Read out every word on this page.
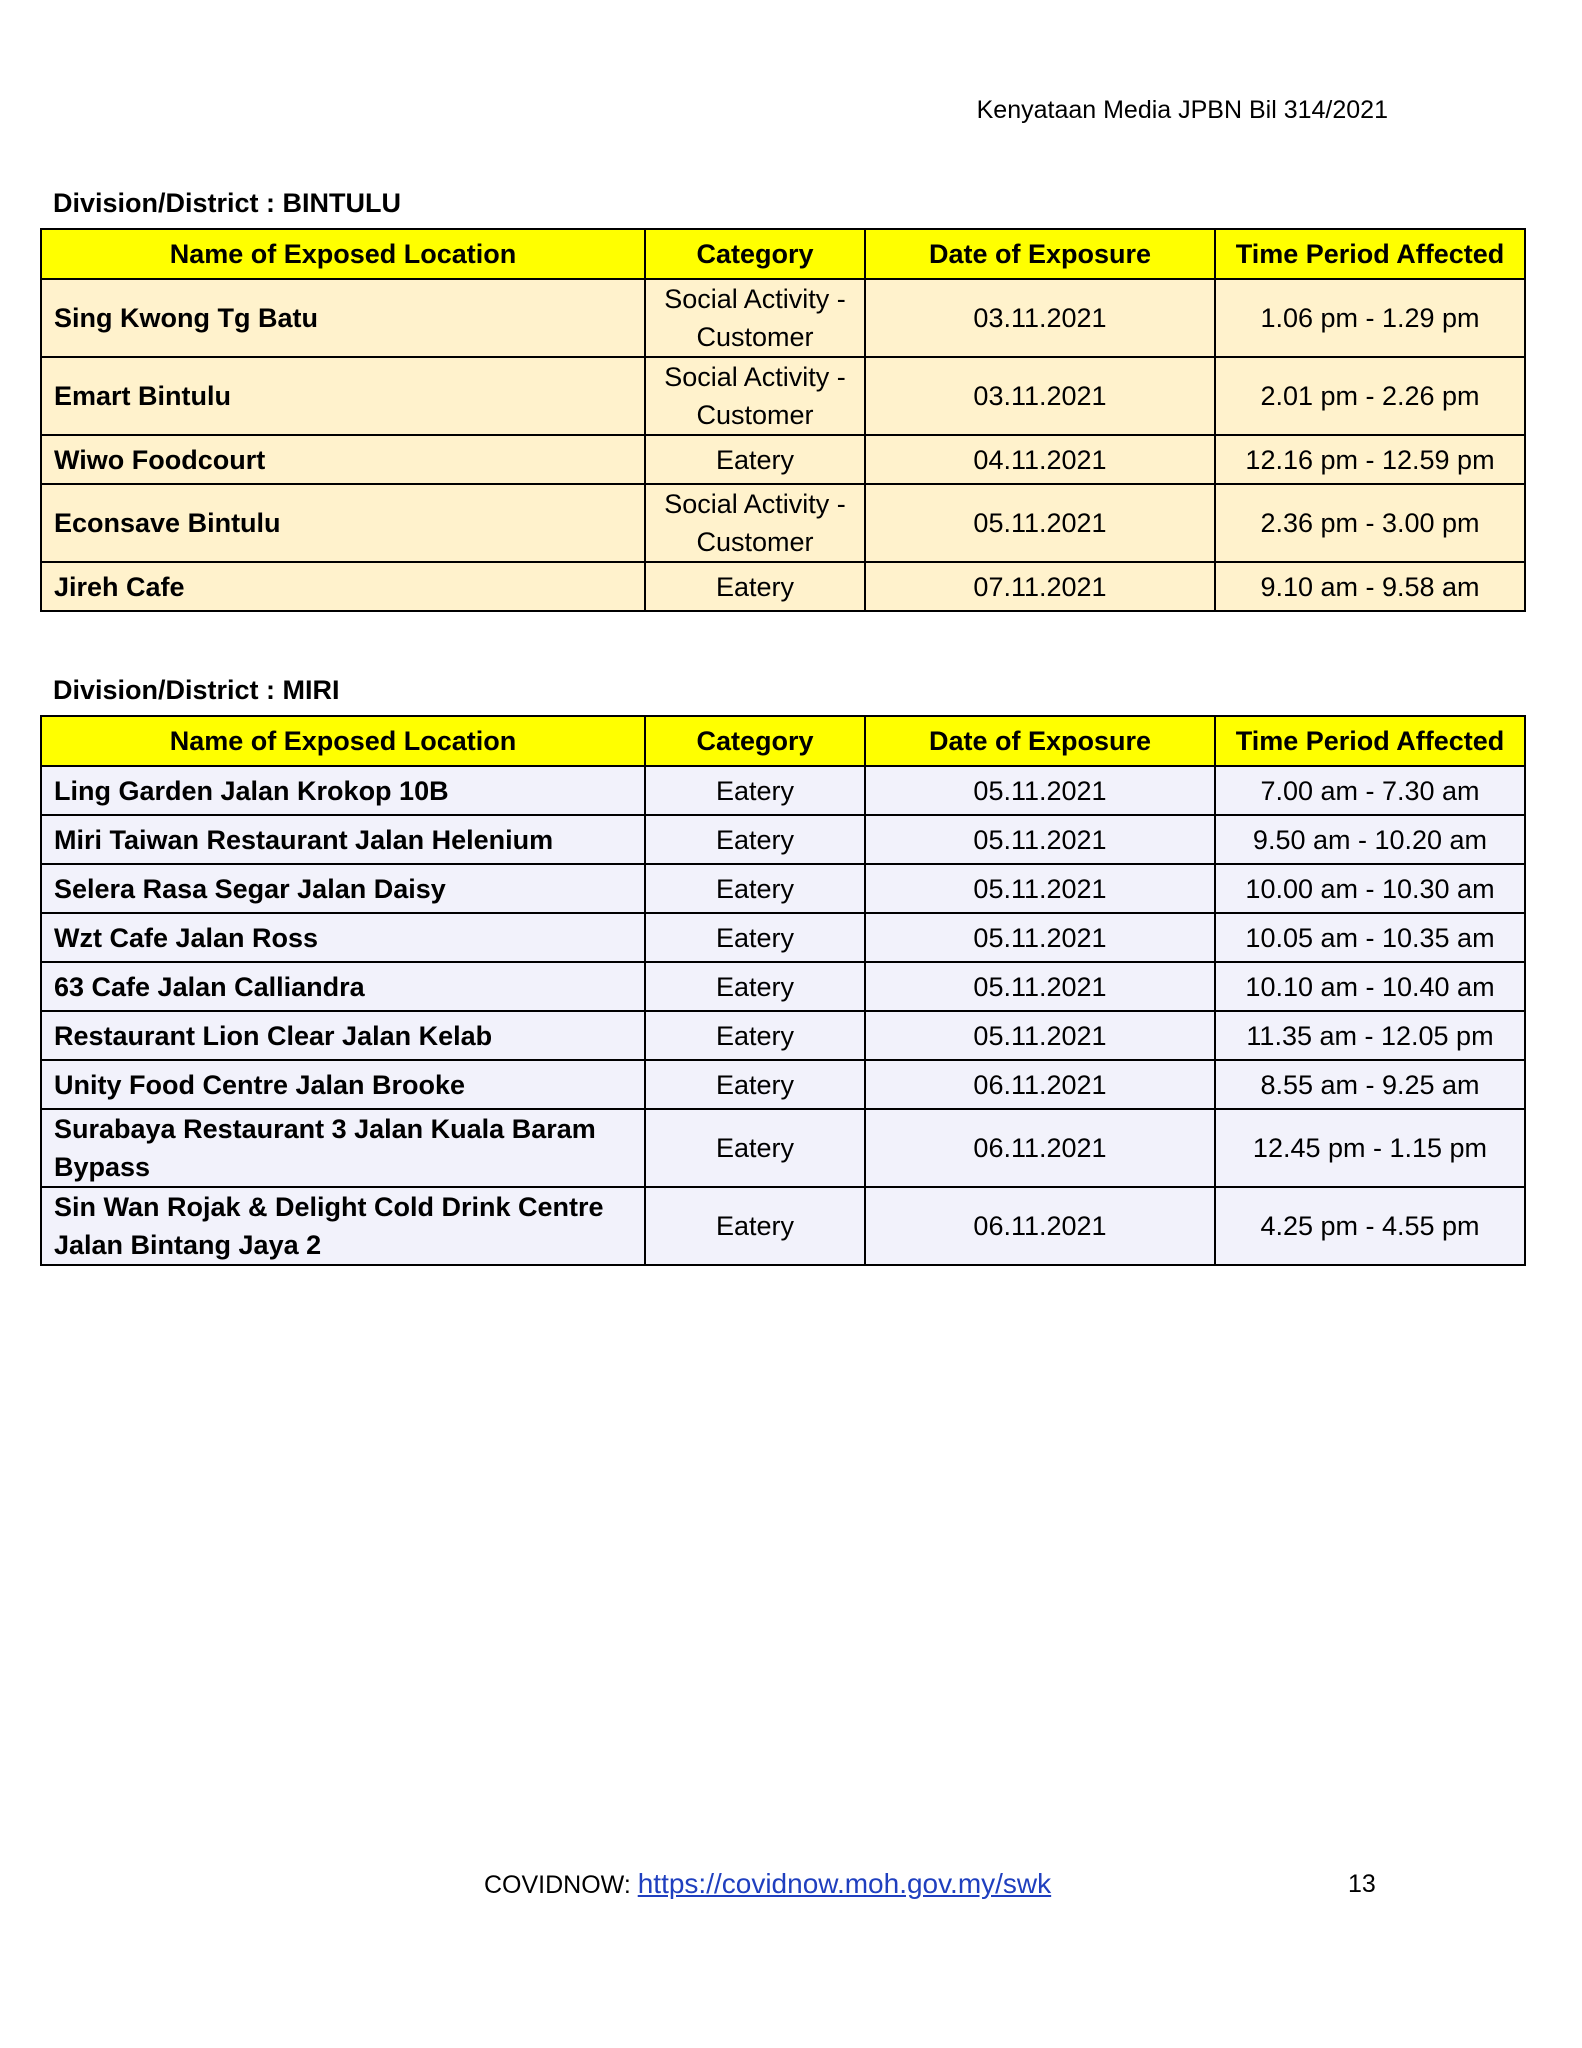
Kenyataan Media JPBN Bil 314/2021
Division/District : BINTULU
Name of Exposed Location	Category	Date of Exposure	Time Period Affected
Sing Kwong Tg Batu	Social Activity - Customer	03.11.2021	1.06 pm - 1.29 pm
Emart Bintulu	Social Activity - Customer	03.11.2021	2.01 pm - 2.26 pm
Wiwo Foodcourt	Eatery	04.11.2021	12.16 pm - 12.59 pm
Econsave Bintulu	Social Activity - Customer	05.11.2021	2.36 pm - 3.00 pm
Jireh Cafe	Eatery	07.11.2021	9.10 am - 9.58 am
Division/District : MIRI
Name of Exposed Location	Category	Date of Exposure	Time Period Affected
Ling Garden Jalan Krokop 10B	Eatery	05.11.2021	7.00 am - 7.30 am
Miri Taiwan Restaurant Jalan Helenium	Eatery	05.11.2021	9.50 am - 10.20 am
Selera Rasa Segar Jalan Daisy	Eatery	05.11.2021	10.00 am - 10.30 am
Wzt Cafe Jalan Ross	Eatery	05.11.2021	10.05 am - 10.35 am
63 Cafe Jalan Calliandra	Eatery	05.11.2021	10.10 am - 10.40 am
Restaurant Lion Clear Jalan Kelab	Eatery	05.11.2021	11.35 am - 12.05 pm
Unity Food Centre Jalan Brooke	Eatery	06.11.2021	8.55 am - 9.25 am
Surabaya Restaurant 3 Jalan Kuala Baram Bypass	Eatery	06.11.2021	12.45 pm - 1.15 pm
Sin Wan Rojak & Delight Cold Drink Centre Jalan Bintang Jaya 2	Eatery	06.11.2021	4.25 pm - 4.55 pm
COVIDNOW: https://covidnow.moh.gov.my/swk	13
